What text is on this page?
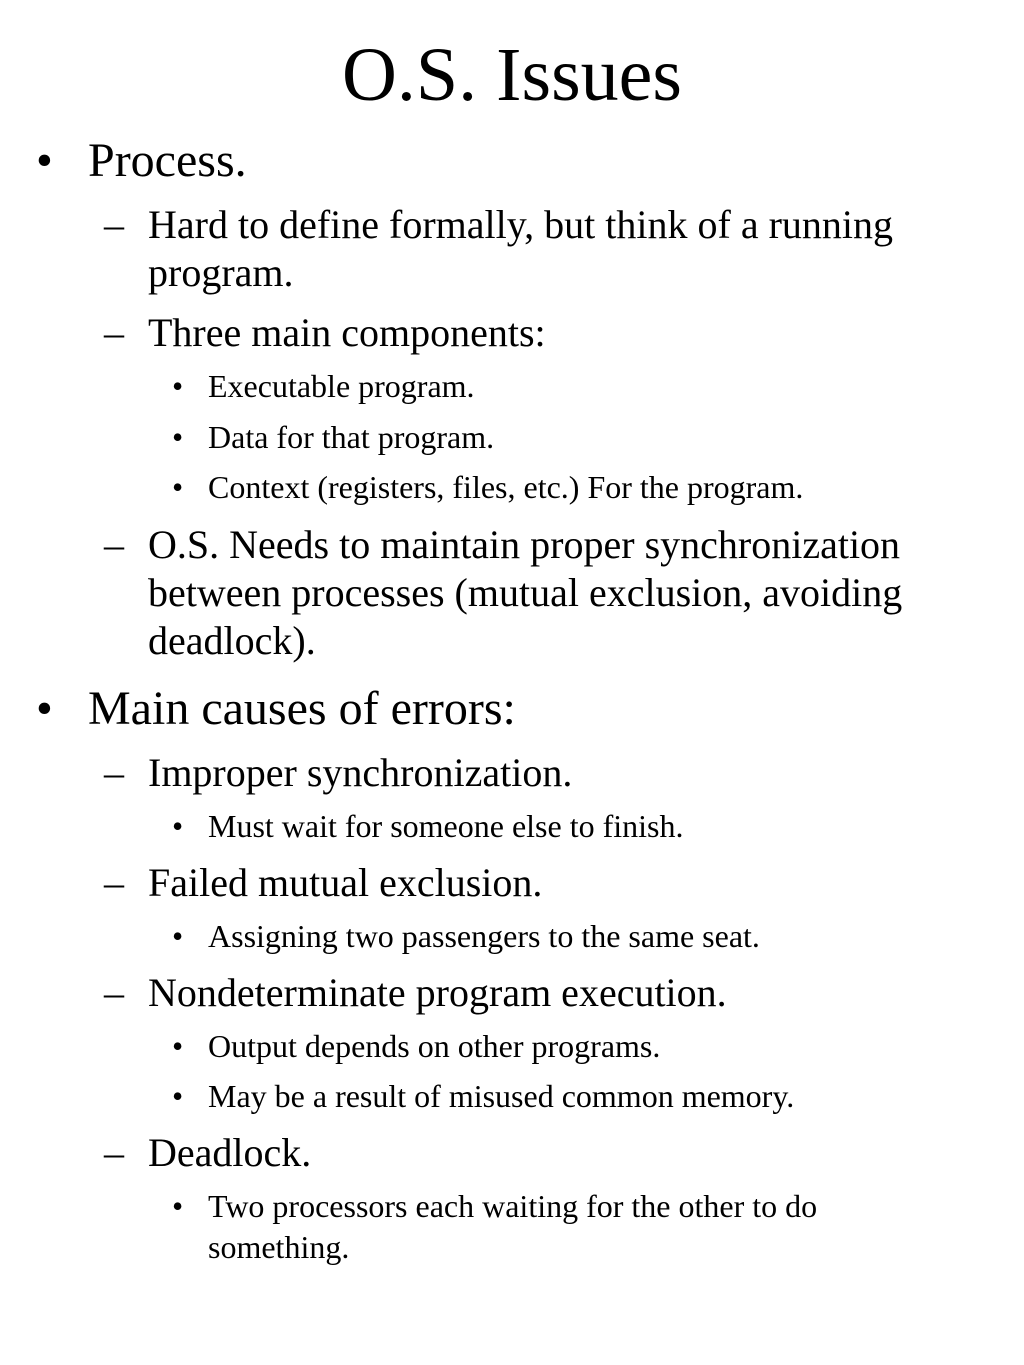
O.S. Issues
• Process.
– Hard to define formally, but think of a running program.
– Three main components:
• Executable program.
• Data for that program.
• Context (registers, files, etc.) For the program.
– O.S. Needs to maintain proper synchronization between processes (mutual exclusion, avoiding deadlock).
• Main causes of errors:
– Improper synchronization.
• Must wait for someone else to finish.
– Failed mutual exclusion.
• Assigning two passengers to the same seat.
– Nondeterminate program execution.
• Output depends on other programs.
• May be a result of misused common memory.
– Deadlock.
• Two processors each waiting for the other to do something.
